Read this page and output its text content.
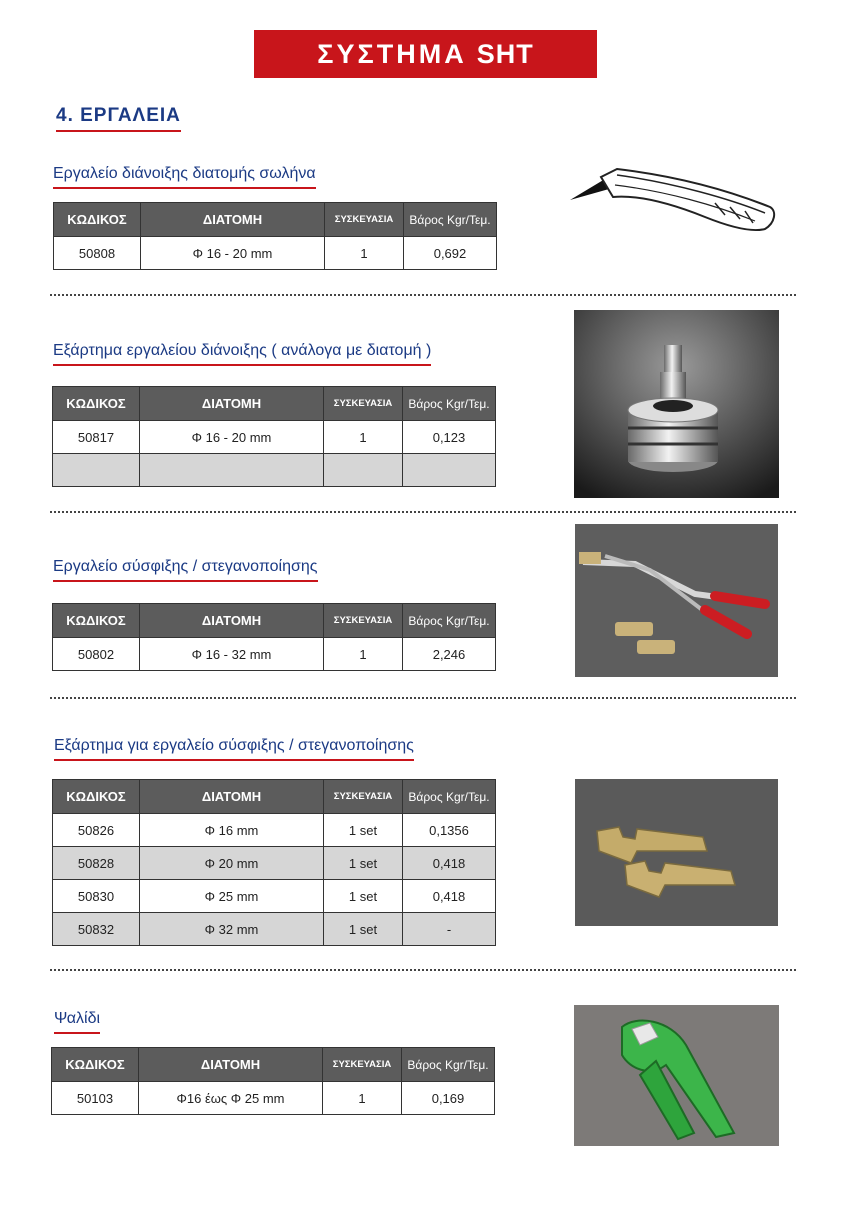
ΣΥΣΤΗΜΑ SHT
4. ΕΡΓΑΛΕΙΑ
Εργαλείο διάνοιξης διατομής σωλήνα
ΚΩΔΙΚΟΣ	ΔΙΑΤΟΜΗ	ΣΥΣΚΕΥΑΣΙΑ	Βάρος Kgr/Τεμ.
50808	Φ 16 - 20 mm	1	0,692
Εξάρτημα εργαλείου διάνοιξης ( ανάλογα με διατομή )
ΚΩΔΙΚΟΣ	ΔΙΑΤΟΜΗ	ΣΥΣΚΕΥΑΣΙΑ	Βάρος Kgr/Τεμ.
50817	Φ 16 - 20 mm	1	0,123

Εργαλείο σύσφιξης / στεγανοποίησης
ΚΩΔΙΚΟΣ	ΔΙΑΤΟΜΗ	ΣΥΣΚΕΥΑΣΙΑ	Βάρος Kgr/Τεμ.
50802	Φ 16 - 32 mm	1	2,246
Εξάρτημα για εργαλείο σύσφιξης / στεγανοποίησης
ΚΩΔΙΚΟΣ	ΔΙΑΤΟΜΗ	ΣΥΣΚΕΥΑΣΙΑ	Βάρος Kgr/Τεμ.
50826	Φ 16 mm	1 set	0,1356
50828	Φ 20 mm	1 set	0,418
50830	Φ 25 mm	1 set	0,418
50832	Φ 32 mm	1 set	-
Ψαλίδι
ΚΩΔΙΚΟΣ	ΔΙΑΤΟΜΗ	ΣΥΣΚΕΥΑΣΙΑ	Βάρος Kgr/Τεμ.
50103	Φ16 έως Φ 25 mm	1	0,169
